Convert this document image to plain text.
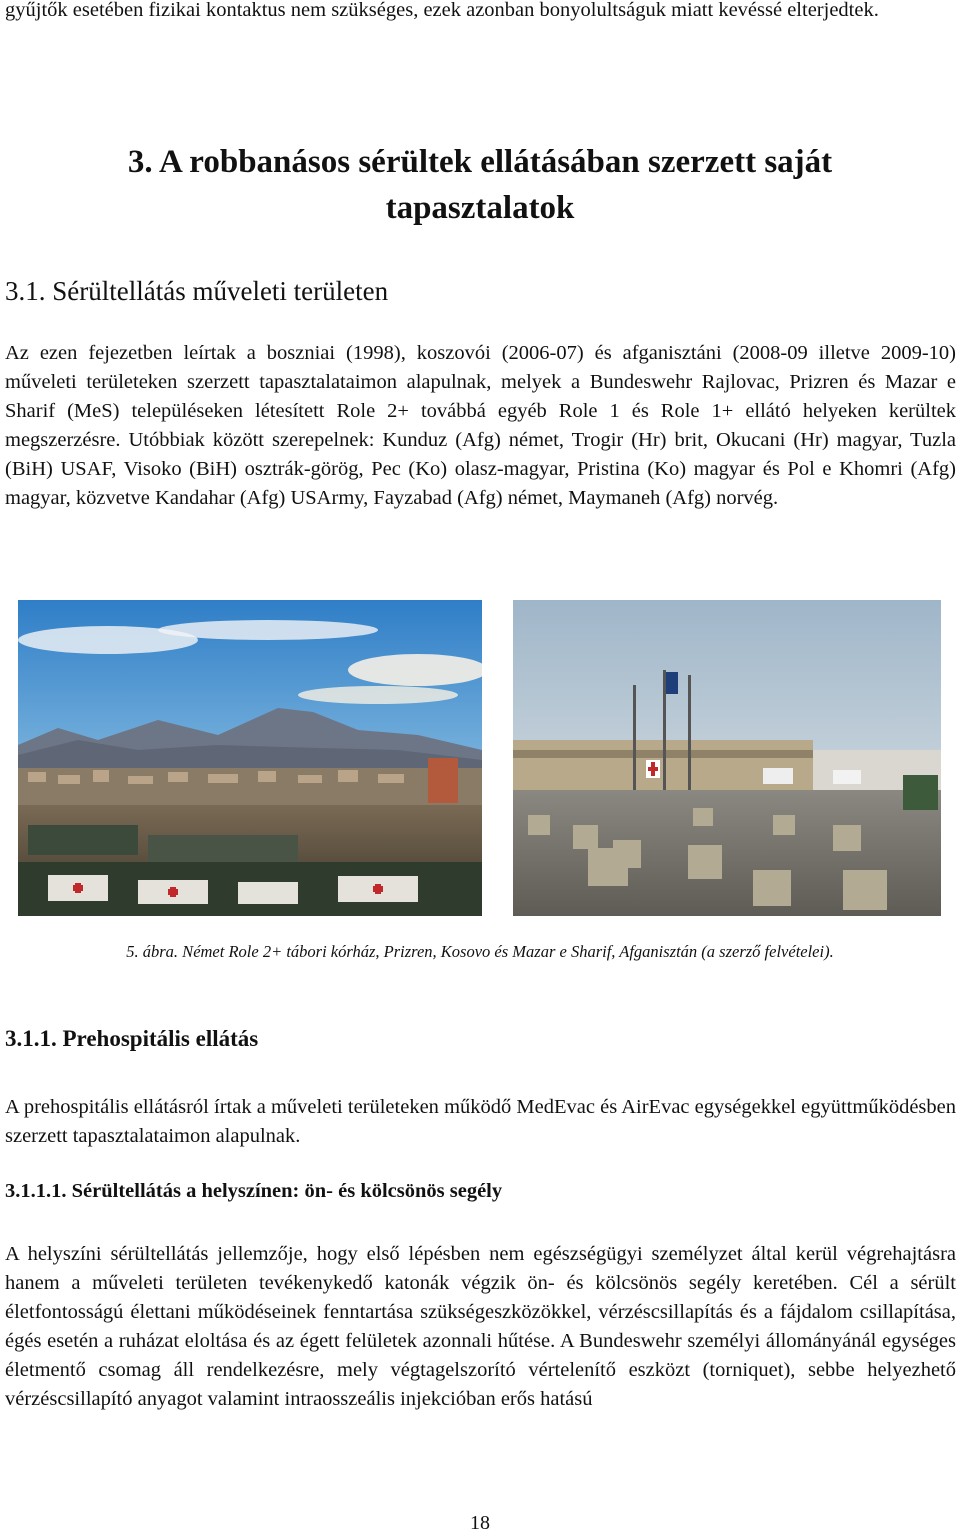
gyűjtők esetében fizikai kontaktus nem szükséges, ezek azonban bonyolultságuk miatt kevéssé elterjedtek.

3. A robbanásos sérültek ellátásában szerzett saját

tapasztalatok

3.1. Sérültellátás műveleti területen

Az ezen fejezetben leírtak a boszniai (1998), koszovói (2006-07) és afganisztáni (2008-09 illetve 2009-10) műveleti területeken szerzett tapasztalataimon alapulnak, melyek a Bundeswehr Rajlovac, Prizren és Mazar e Sharif (MeS) településeken létesített Role 2+ továbbá egyéb Role 1 és Role 1+ ellátó helyeken kerültek megszerzésre. Utóbbiak között szerepelnek: Kunduz (Afg) német, Trogir (Hr) brit, Okucani (Hr) magyar, Tuzla (BiH) USAF, Visoko (BiH) osztrák-görög, Pec (Ko) olasz-magyar, Pristina (Ko) magyar és Pol e Khomri (Afg) magyar, közvetve Kandahar (Afg) USArmy, Fayzabad (Afg) német, Maymaneh (Afg) norvég.

5. ábra. Német Role 2+ tábori kórház, Prizren, Kosovo és Mazar e Sharif, Afganisztán (a szerző felvételei).

3.1.1. Prehospitális ellátás

A prehospitális ellátásról írtak a műveleti területeken működő MedEvac és AirEvac egységekkel együttműködésben szerzett tapasztalataimon alapulnak.

3.1.1.1. Sérültellátás a helyszínen: ön- és kölcsönös segély

A helyszíni sérültellátás jellemzője, hogy első lépésben nem egészségügyi személyzet által kerül végrehajtásra hanem a műveleti területen tevékenykedő katonák végzik ön- és kölcsönös segély keretében. Cél a sérült életfontosságú élettani működéseinek fenntartása szükségeszközökkel, vérzéscsillapítás és a fájdalom csillapítása, égés esetén a ruházat eloltása és az égett felületek azonnali hűtése. A Bundeswehr személyi állományánál egységes életmentő csomag áll rendelkezésre, mely végtagelszorító vértelenítő eszközt (torniquet), sebbe helyezhető vérzéscsillapító anyagot valamint intraosszeális injekcióban erős hatású

18
